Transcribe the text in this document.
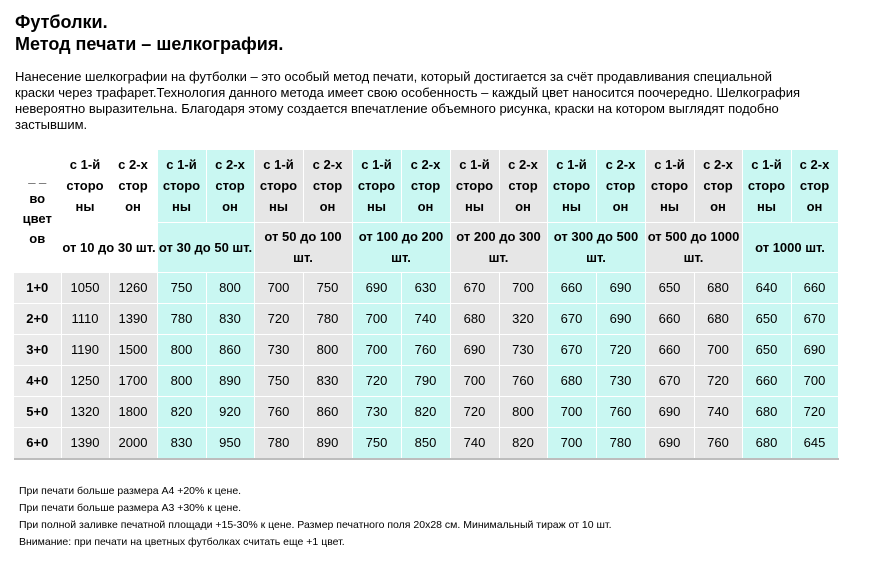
Футболки.
Метод печати – шелкография.
Нанесение шелкографии на футболки – это особый метод печати, который достигается за счёт продавливания специальной краски через трафарет.Технология данного метода имеет свою особенность – каждый цвет наносится поочередно. Шелкография невероятно выразительна. Благодаря этому создается впечатление объемного рисунка, краски на котором выглядят подобно застывшим.
_ _
во цвет ов	с 1-й сторо ны	с 2-х стор он	с 1-й сторо ны	с 2-х стор он	с 1-й сторо ны	с 2-х стор он	с 1-й сторо ны	с 2-х стор он	с 1-й сторо ны	с 2-х стор он	с 1-й сторо ны	с 2-х стор он	с 1-й сторо ны	с 2-х стор он	с 1-й сторо ны	с 2-х стор он
	от 10 до 30 шт.		от 30 до 50 шт.		от 50 до 100 шт.		от 100 до 200 шт.		от 200 до 300 шт.		от 300 до 500 шт.		от 500 до 1000 шт.		от 1000 шт.	
1+0	1050	1260	750	800	700	750	690	630	670	700	660	690	650	680	640	660
2+0	1110	1390	780	830	720	780	700	740	680	320	670	690	660	680	650	670
3+0	1190	1500	800	860	730	800	700	760	690	730	670	720	660	700	650	690
4+0	1250	1700	800	890	750	830	720	790	700	760	680	730	670	720	660	700
5+0	1320	1800	820	920	760	860	730	820	720	800	700	760	690	740	680	720
6+0	1390	2000	830	950	780	890	750	850	740	820	700	780	690	760	680	645
При печати больше размера А4 +20% к цене.
При печати больше размера А3 +30% к цене.
При полной заливке печатной площади +15-30% к цене. Размер печатного поля 20х28 см. Минимальный тираж от 10 шт.
Внимание: при печати на цветных футболках считать еще +1 цвет.
